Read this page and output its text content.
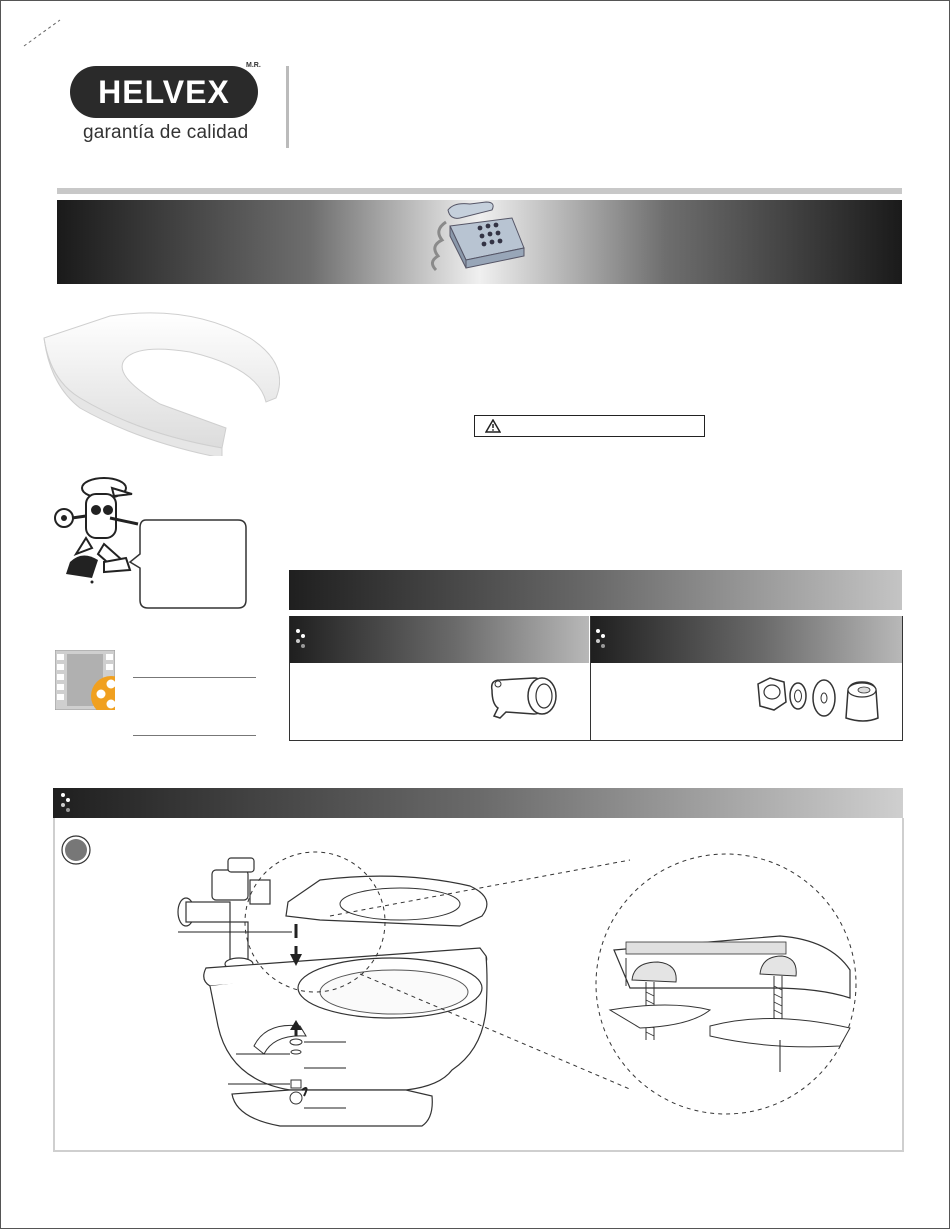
HELVEX
M.R.
garantía de calidad
